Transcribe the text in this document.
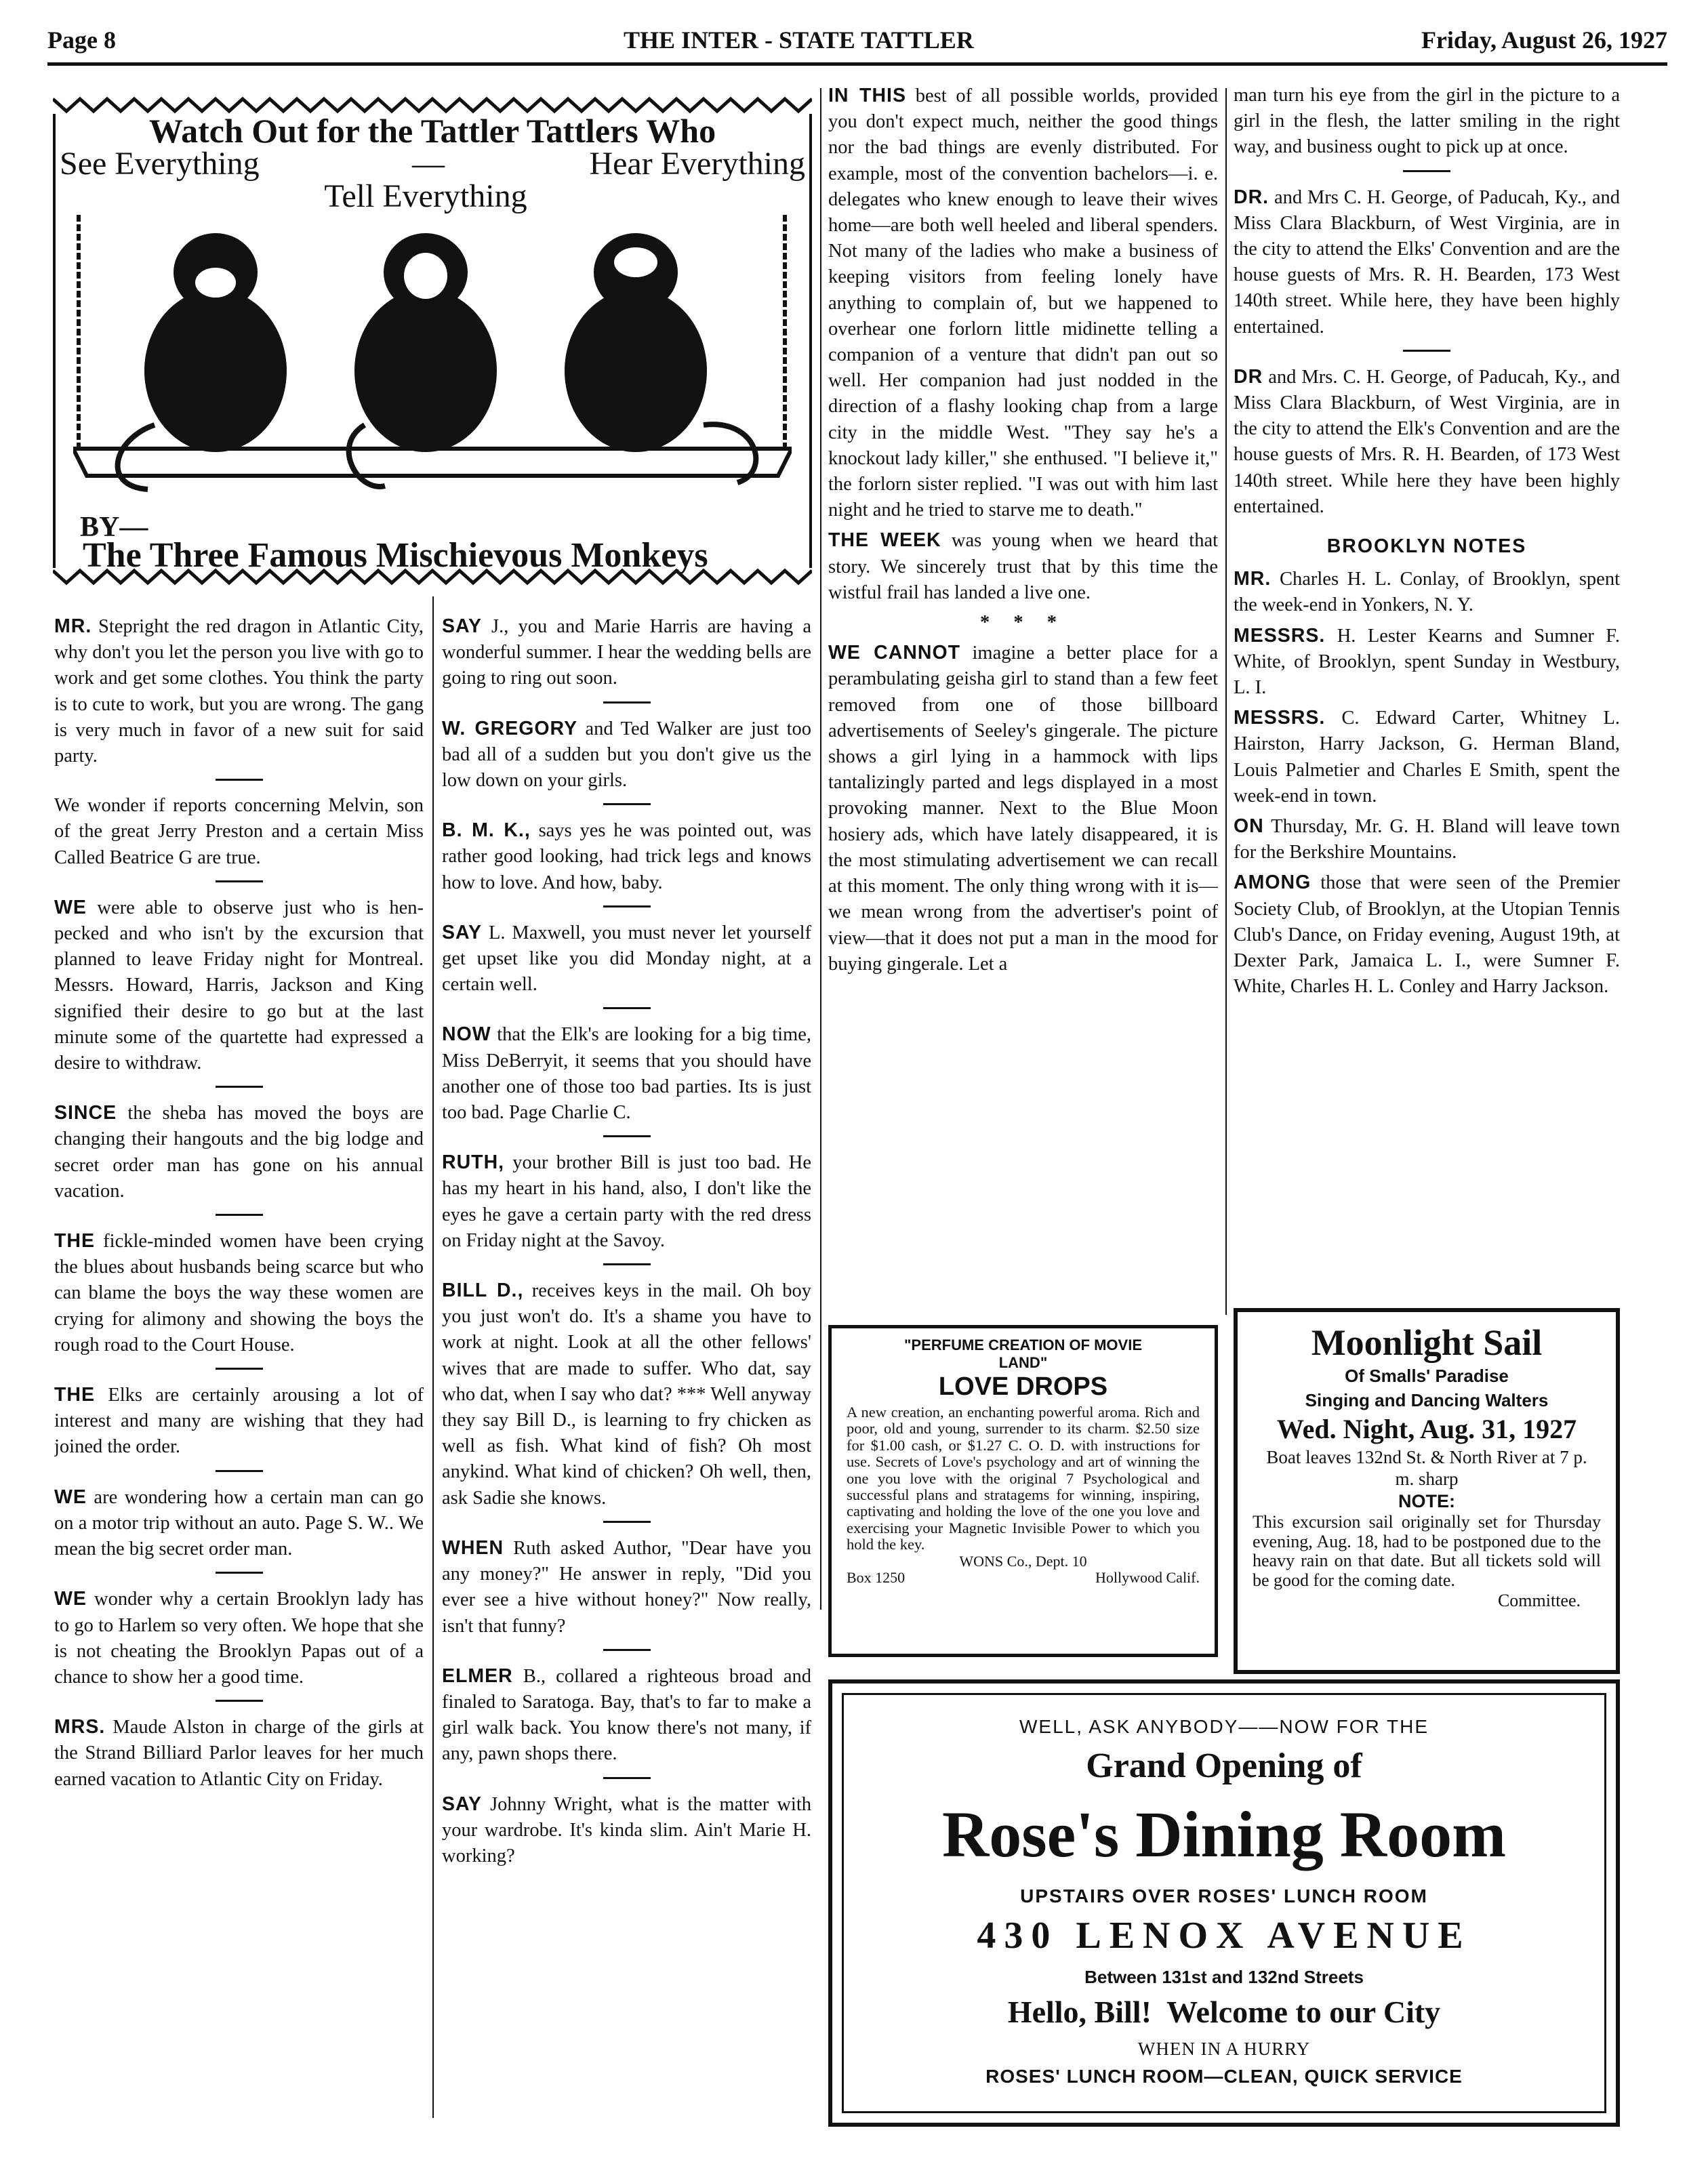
Page 8	THE INTER - STATE TATTLER	Friday, August 26, 1927
Watch Out for the Tattler Tattlers Who
See Everything	—	Hear Everything
Tell Everything
BY—
The Three Famous Mischievous Monkeys

MR. Stepright the red dragon in Atlantic City, why don't you let the person you live with go to work and get some clothes. You think the party is to cute to work, but you are wrong. The gang is very much in favor of a new suit for said party.

We wonder if reports concerning Melvin, son of the great Jerry Preston and a certain Miss Called Beatrice G are true.

WE were able to observe just who is hen-pecked and who isn't by the excursion that planned to leave Friday night for Montreal. Messrs. Howard, Harris, Jackson and King signified their desire to go but at the last minute some of the quartette had expressed a desire to withdraw.

SINCE the sheba has moved the boys are changing their hangouts and the big lodge and secret order man has gone on his annual vacation.

THE fickle-minded women have been crying the blues about husbands being scarce but who can blame the boys the way these women are crying for alimony and showing the boys the rough road to the Court House.

THE Elks are certainly arousing a lot of interest and many are wishing that they had joined the order.

WE are wondering how a certain man can go on a motor trip without an auto. Page S. W.. We mean the big secret order man.

WE wonder why a certain Brooklyn lady has to go to Harlem so very often. We hope that she is not cheating the Brooklyn Papas out of a chance to show her a good time.

MRS. Maude Alston in charge of the girls at the Strand Billiard Parlor leaves for her much earned vacation to Atlantic City on Friday.

SAY J., you and Marie Harris are having a wonderful summer. I hear the wedding bells are going to ring out soon.

W. GREGORY and Ted Walker are just too bad all of a sudden but you don't give us the low down on your girls.

B. M. K., says yes he was pointed out, was rather good looking, had trick legs and knows how to love. And how, baby.

SAY L. Maxwell, you must never let yourself get upset like you did Monday night, at a certain well.

NOW that the Elk's are looking for a big time, Miss DeBerryit, it seems that you should have another one of those too bad parties. Its is just too bad. Page Charlie C.

RUTH, your brother Bill is just too bad. He has my heart in his hand, also, I don't like the eyes he gave a certain party with the red dress on Friday night at the Savoy.

BILL D., receives keys in the mail. Oh boy you just won't do. It's a shame you have to work at night. Look at all the other fellows' wives that are made to suffer. Who dat, say who dat, when I say who dat? *** Well anyway they say Bill D., is learning to fry chicken as well as fish. What kind of fish? Oh most anykind. What kind of chicken? Oh well, then, ask Sadie she knows.

WHEN Ruth asked Author, "Dear have you any money?" He answer in reply, "Did you ever see a hive without honey?" Now really, isn't that funny?

ELMER B., collared a righteous broad and finaled to Saratoga. Bay, that's to far to make a girl walk back. You know there's not many, if any, pawn shops there.

SAY Johnny Wright, what is the matter with your wardrobe. It's kinda slim. Ain't Marie H. working?

IN THIS best of all possible worlds, provided you don't expect much, neither the good things nor the bad things are evenly distributed. For example, most of the convention bachelors—i. e. delegates who knew enough to leave their wives home—are both well heeled and liberal spenders. Not many of the ladies who make a business of keeping visitors from feeling lonely have anything to complain of, but we happened to overhear one forlorn little midinette telling a companion of a venture that didn't pan out so well. Her companion had just nodded in the direction of a flashy looking chap from a large city in the middle West. "They say he's a knockout lady killer," she enthused. "I believe it," the forlorn sister replied. "I was out with him last night and he tried to starve me to death."

THE WEEK was young when we heard that story. We sincerely trust that by this time the wistful frail has landed a live one.

* * *

WE CANNOT imagine a better place for a perambulating geisha girl to stand than a few feet removed from one of those billboard advertisements of Seeley's gingerale. The picture shows a girl lying in a hammock with lips tantalizingly parted and legs displayed in a most provoking manner. Next to the Blue Moon hosiery ads, which have lately disappeared, it is the most stimulating advertisement we can recall at this moment. The only thing wrong with it is—we mean wrong from the advertiser's point of view—that it does not put a man in the mood for buying gingerale. Let a

man turn his eye from the girl in the picture to a girl in the flesh, the latter smiling in the right way, and business ought to pick up at once.

DR. and Mrs C. H. George, of Paducah, Ky., and Miss Clara Blackburn, of West Virginia, are in the city to attend the Elks' Convention and are the house guests of Mrs. R. H. Bearden, 173 West 140th street. While here, they have been highly entertained.

DR and Mrs. C. H. George, of Paducah, Ky., and Miss Clara Blackburn, of West Virginia, are in the city to attend the Elk's Convention and are the house guests of Mrs. R. H. Bearden, of 173 West 140th street. While here they have been highly entertained.

BROOKLYN NOTES

MR. Charles H. L. Conlay, of Brooklyn, spent the week-end in Yonkers, N. Y.

MESSRS. H. Lester Kearns and Sumner F. White, of Brooklyn, spent Sunday in Westbury, L. I.

MESSRS. C. Edward Carter, Whitney L. Hairston, Harry Jackson, G. Herman Bland, Louis Palmetier and Charles E Smith, spent the week-end in town.

ON Thursday, Mr. G. H. Bland will leave town for the Berkshire Mountains.

AMONG those that were seen of the Premier Society Club, of Brooklyn, at the Utopian Tennis Club's Dance, on Friday evening, August 19th, at Dexter Park, Jamaica L. I., were Sumner F. White, Charles H. L. Conley and Harry Jackson.

"PERFUME CREATION OF MOVIE LAND"
LOVE DROPS
A new creation, an enchanting powerful aroma. Rich and poor, old and young, surrender to its charm. $2.50 size for $1.00 cash, or $1.27 C. O. D. with instructions for use. Secrets of Love's psychology and art of winning the one you love with the original 7 Psychological and successful plans and stratagems for winning, inspiring, captivating and holding the love of the one you love and exercising your Magnetic Invisible Power to which you hold the key.
WONS Co., Dept. 10
Box 1250	Hollywood Calif.
Moonlight Sail
Of Smalls' Paradise
Singing and Dancing Walters
Wed. Night, Aug. 31, 1927
Boat leaves 132nd St. & North River at 7 p. m. sharp
NOTE:
This excursion sail originally set for Thursday evening, Aug. 18, had to be postponed due to the heavy rain on that date. But all tickets sold will be good for the coming date.
Committee.
WELL, ASK ANYBODY——NOW FOR THE
Grand Opening of
Rose's Dining Room
UPSTAIRS OVER ROSES' LUNCH ROOM
430 LENOX AVENUE
Between 131st and 132nd Streets
Hello, Bill!  Welcome to our City
WHEN IN A HURRY
ROSES' LUNCH ROOM—CLEAN, QUICK SERVICE
